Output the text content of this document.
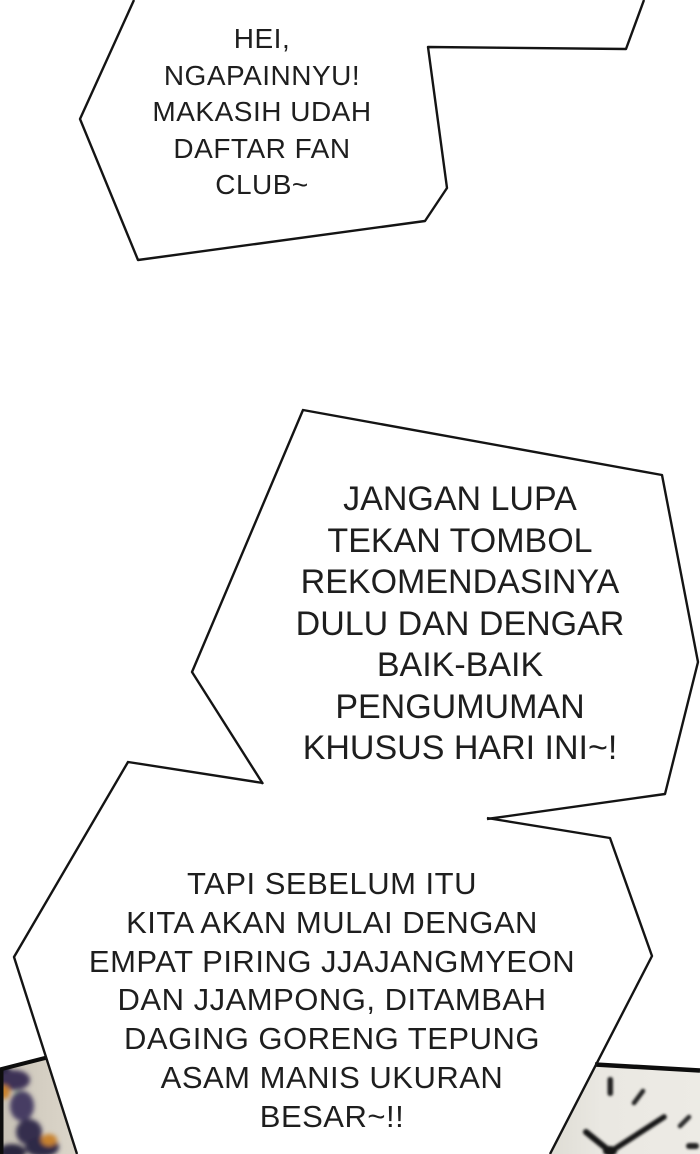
HEI,
NGAPAINNYU!
MAKASIH UDAH
DAFTAR FAN
CLUB~
JANGAN LUPA
TEKAN TOMBOL
REKOMENDASINYA
DULU DAN DENGAR
BAIK-BAIK
PENGUMUMAN
KHUSUS HARI INI~!
TAPI SEBELUM ITU
KITA AKAN MULAI DENGAN
EMPAT PIRING JJAJANGMYEON
DAN JJAMPONG, DITAMBAH
DAGING GORENG TEPUNG
ASAM MANIS UKURAN
BESAR~!!
